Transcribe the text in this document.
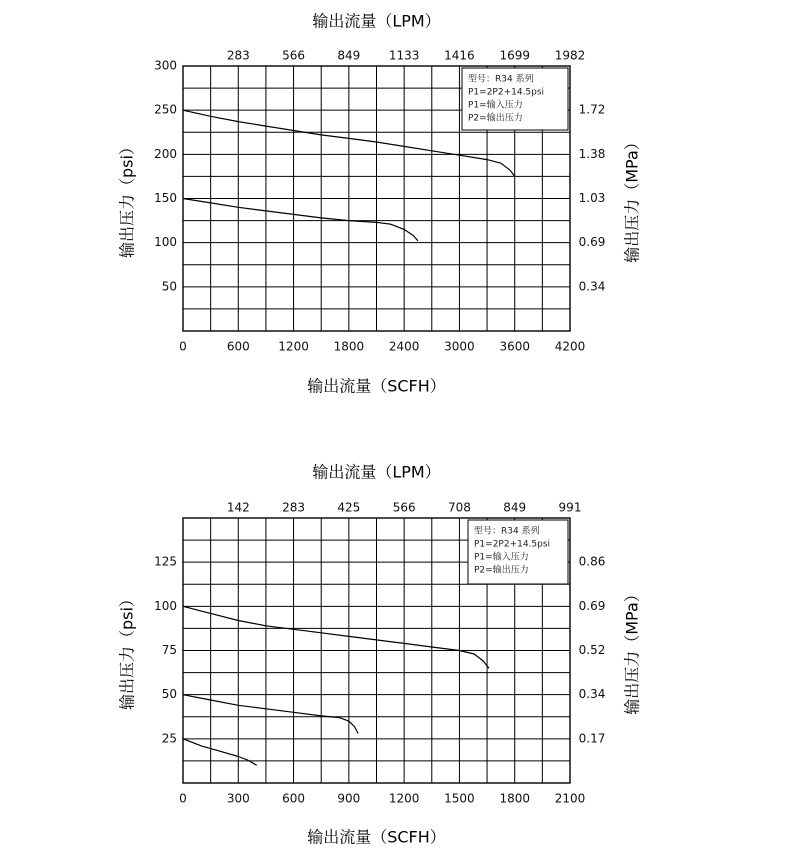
0	600 1200 1800 2400 3000 3600 4200
283	566	849 1133 1416 1699 1982
50
100
150
200
250
300
0.34
0.69
1.03
1.38
1.72
输出流量（LPM）
输出流量（SCFH）
输出压力（psi）	输出压力（MPa）
型号：R34 系列
P1=2P2+14.5psi
P1=输入压力
P2=输出压力
0	300	600	900 1200 1500 1800 2100
142	283	425	566	708	849	991
25
50
75
100
125
0.17
0.34
0.52
0.69
0.86
输出流量（LPM）
输出流量（SCFH）
输出压力（psi）	输出压力（MPa）
型号：R34 系列
P1=2P2+14.5psi
P1=输入压力
P2=输出压力
